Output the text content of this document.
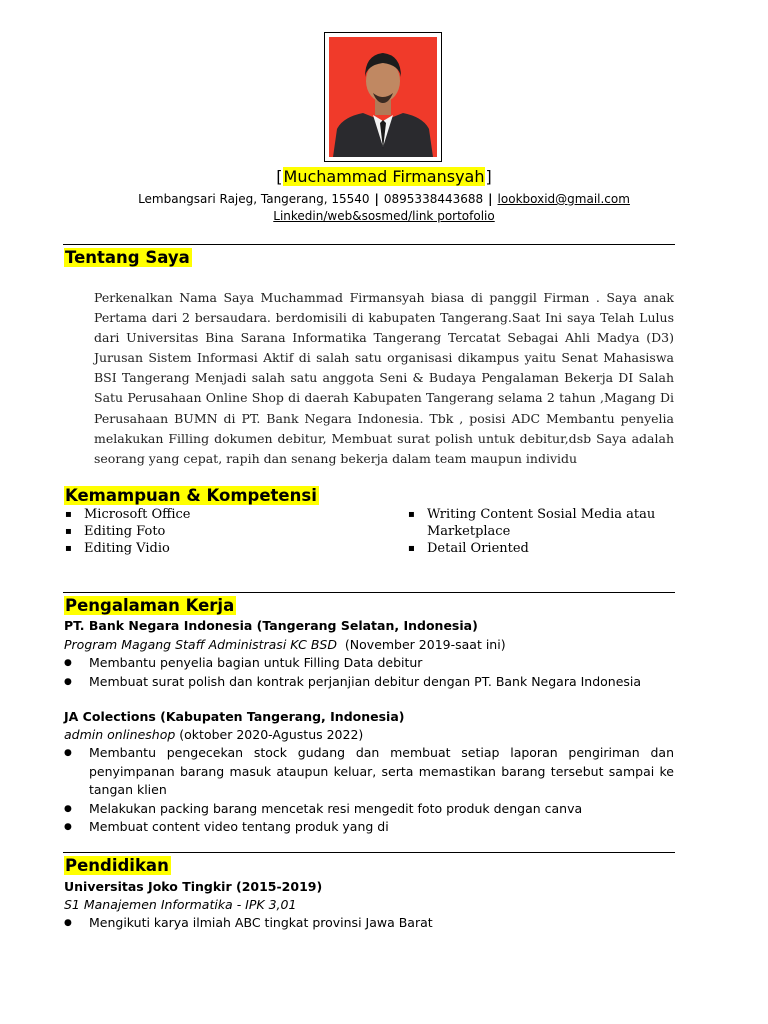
[Muchammad Firmansyah]
Lembangsari Rajeg, Tangerang, 15540 | 0895338443688 | lookboxid@gmail.com
Linkedin/web&sosmed/link portofolio
Tentang Saya
Perkenalkan Nama Saya Muchammad Firmansyah biasa di panggil Firman . Saya anak Pertama dari 2 bersaudara. berdomisili di kabupaten Tangerang.Saat Ini saya Telah Lulus dari Universitas Bina Sarana Informatika Tangerang Tercatat Sebagai Ahli Madya (D3) Jurusan Sistem Informasi Aktif di salah satu organisasi dikampus yaitu Senat Mahasiswa BSI Tangerang Menjadi salah satu anggota Seni & Budaya Pengalaman Bekerja DI Salah Satu Perusahaan Online Shop di daerah Kabupaten Tangerang selama 2 tahun ,Magang Di Perusahaan BUMN di PT. Bank Negara Indonesia. Tbk , posisi ADC Membantu penyelia melakukan Filling dokumen debitur, Membuat surat polish untuk debitur,dsb Saya adalah seorang yang cepat, rapih dan senang bekerja dalam team maupun individu
Kemampuan & Kompetensi
▪ Microsoft Office
▪ Editing Foto
▪ Editing Vidio
▪ Writing Content Sosial Media atau Marketplace
▪ Detail Oriented
Pengalaman Kerja
PT. Bank Negara Indonesia (Tangerang Selatan, Indonesia)
Program Magang Staff Administrasi KC BSD (November 2019-saat ini)
● Membantu penyelia bagian untuk Filling Data debitur
● Membuat surat polish dan kontrak perjanjian debitur dengan PT. Bank Negara Indonesia
JA Colections (Kabupaten Tangerang, Indonesia)
admin onlineshop (oktober 2020-Agustus 2022)
● Membantu pengecekan stock gudang dan membuat setiap laporan pengiriman dan penyimpanan barang masuk ataupun keluar, serta memastikan barang tersebut sampai ke tangan klien
● Melakukan packing barang mencetak resi mengedit foto produk dengan canva
● Membuat content video tentang produk yang di
Pendidikan
Universitas Joko Tingkir (2015-2019)
S1 Manajemen Informatika - IPK 3,01
● Mengikuti karya ilmiah ABC tingkat provinsi Jawa Barat
